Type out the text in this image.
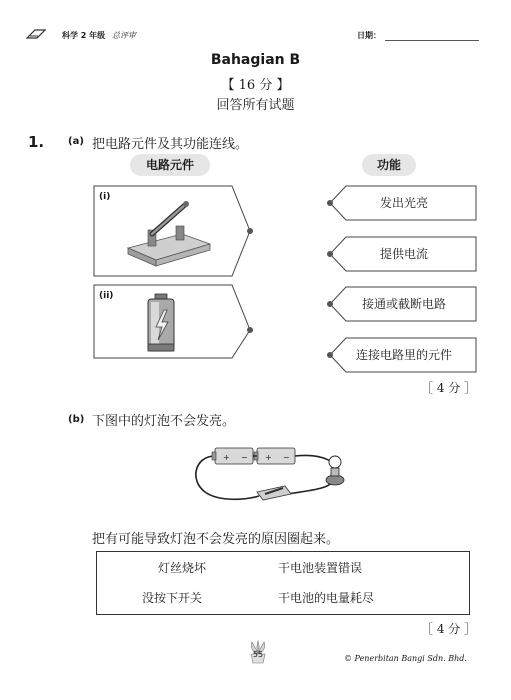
科学 2 年级 总评审	日期：
Bahagian B
【 16 分 】
回答所有试题
1. (a) 把电路元件及其功能连线。
电路元件	功能
(i)
(ii)
发出光亮
提供电流
接通或截断电路
连接电路里的元件
［ 4 分 ］
(b) 下图中的灯泡不会发亮。
+ − + −
把有可能导致灯泡不会发亮的原因圈起来。
灯丝烧坏	干电池装置错误
没按下开关	干电池的电量耗尽
［ 4 分 ］
55	© Penerbitan Bangi Sdn. Bhd.
